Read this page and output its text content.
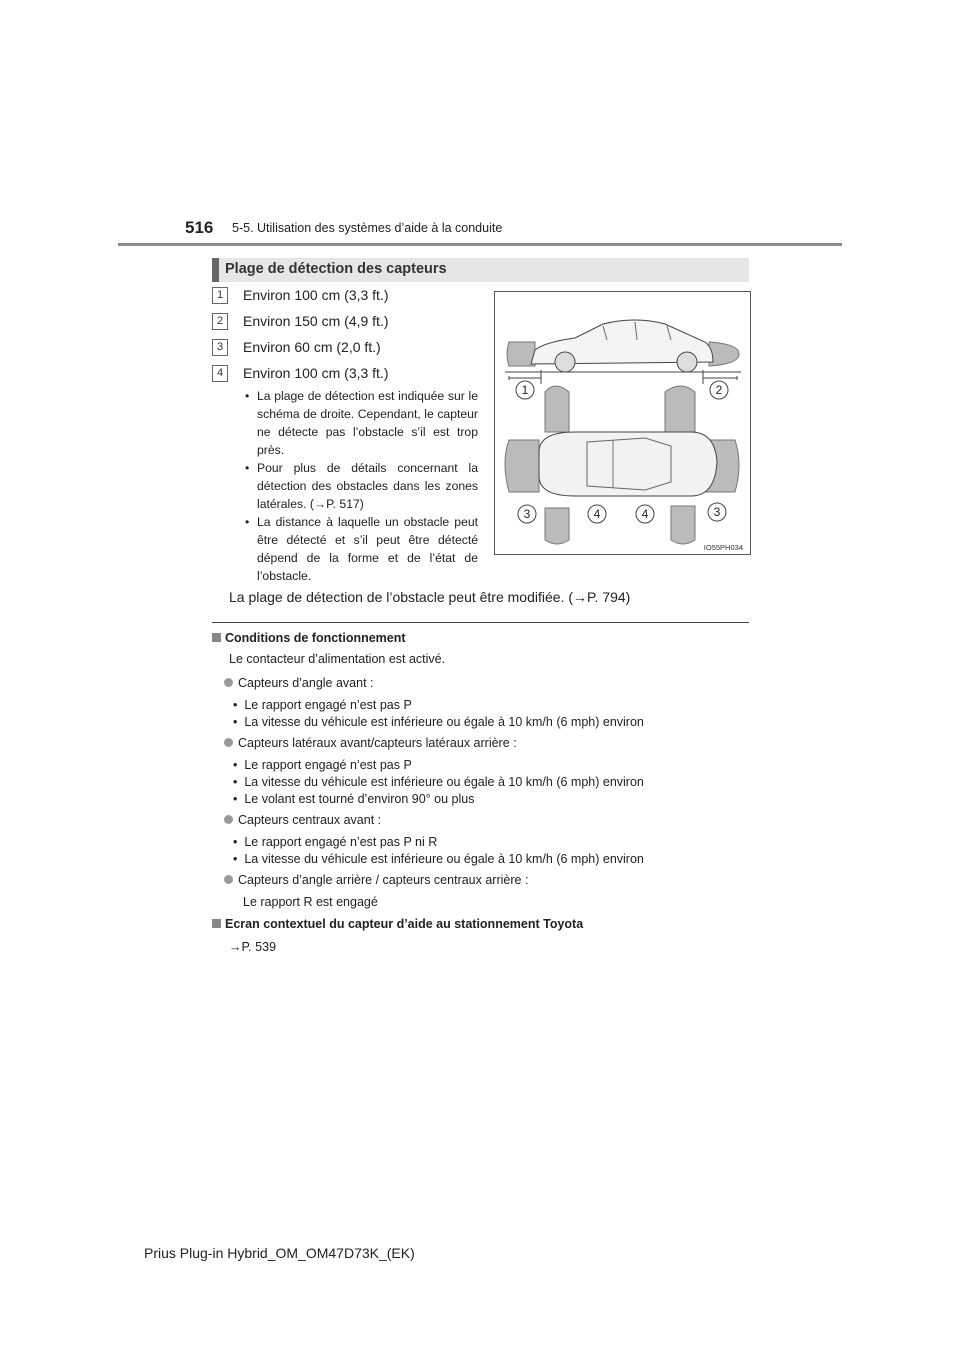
516 5-5. Utilisation des systèmes d’aide à la conduite
Plage de détection des capteurs
1	Environ 100 cm (3,3 ft.)
2	Environ 150 cm (4,9 ft.)
3	Environ 60 cm (2,0 ft.)
4	Environ 100 cm (3,3 ft.)
• La plage de détection est indiquée sur le schéma de droite. Cependant, le capteur ne détecte pas l’obstacle s’il est trop près.
• Pour plus de détails concernant la détection des obstacles dans les zones latérales. (→P. 517)
• La distance à laquelle un obstacle peut être détecté et s’il peut être détecté dépend de la forme et de l’état de l’obstacle.
1	2
3	4	4	3
IO55PH034
La plage de détection de l’obstacle peut être modifiée. (→P. 794)
Conditions de fonctionnement
Le contacteur d’alimentation est activé.
Capteurs d’angle avant :
•  Le rapport engagé n’est pas P
•  La vitesse du véhicule est inférieure ou égale à 10 km/h (6 mph) environ
Capteurs latéraux avant/capteurs latéraux arrière :
•  Le rapport engagé n’est pas P
•  La vitesse du véhicule est inférieure ou égale à 10 km/h (6 mph) environ
•  Le volant est tourné d’environ 90° ou plus
Capteurs centraux avant :
•  Le rapport engagé n’est pas P ni R
•  La vitesse du véhicule est inférieure ou égale à 10 km/h (6 mph) environ
Capteurs d’angle arrière / capteurs centraux arrière :
Le rapport R est engagé
Ecran contextuel du capteur d’aide au stationnement Toyota
→P. 539
Prius Plug-in Hybrid_OM_OM47D73K_(EK)
